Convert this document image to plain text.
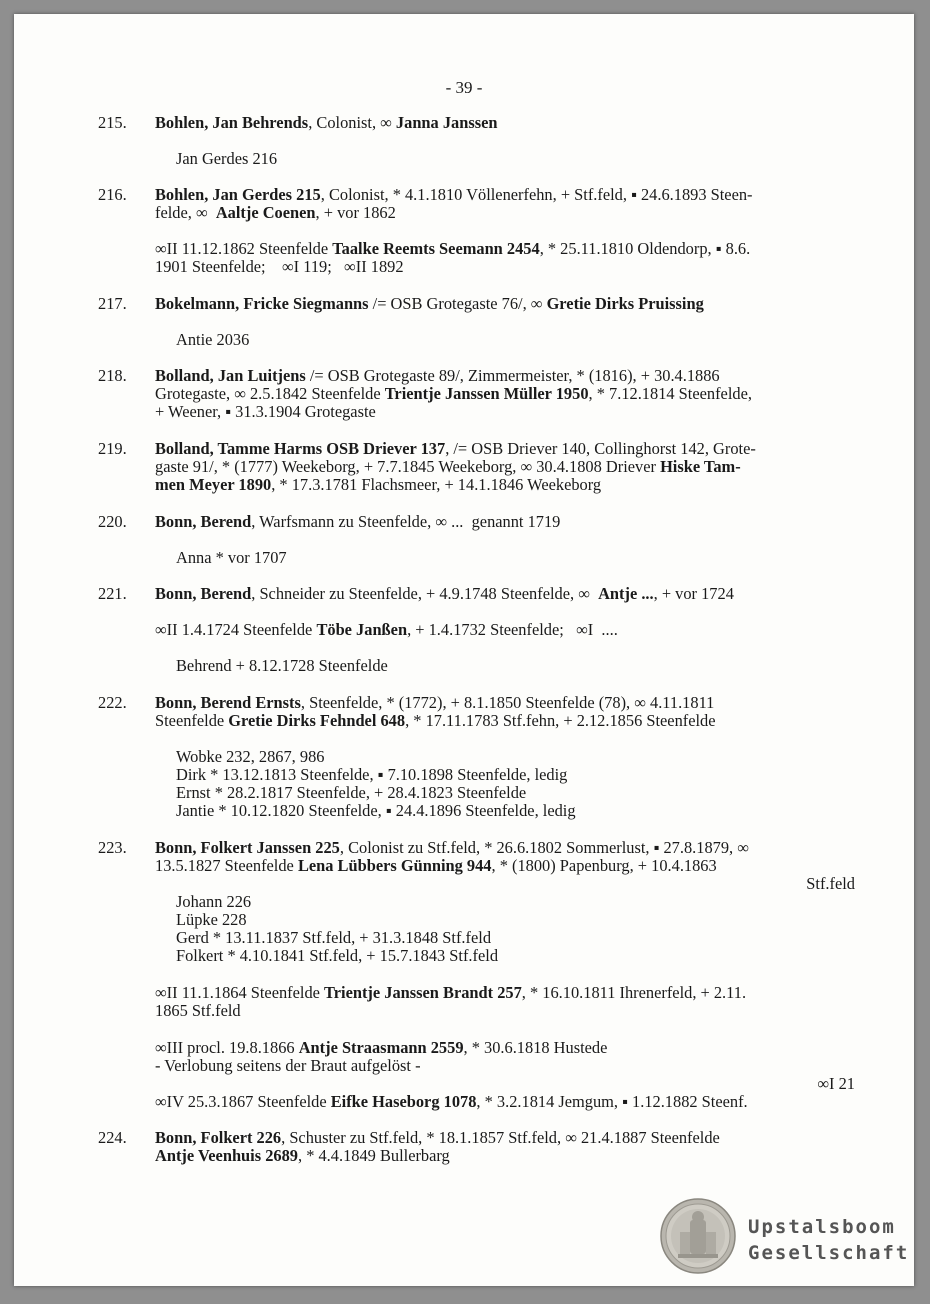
- 39 -
215. Bohlen, Jan Behrends, Colonist, ∞ Janna Janssen
Jan Gerdes 216
216. Bohlen, Jan Gerdes 215, Colonist, * 4.1.1810 Völlenerfehn, + Stf.feld, ▪ 24.6.1893 Steen-
felde, ∞  Aaltje Coenen, + vor 1862
∞II 11.12.1862 Steenfelde Taalke Reemts Seemann 2454, * 25.11.1810 Oldendorp, ▪ 8.6.
1901 Steenfelde;    ∞I 119;   ∞II 1892
217. Bokelmann, Fricke Siegmanns /= OSB Grotegaste 76/, ∞ Gretie Dirks Pruissing
Antie 2036
218. Bolland, Jan Luitjens /= OSB Grotegaste 89/, Zimmermeister, * (1816), + 30.4.1886
Grotegaste, ∞ 2.5.1842 Steenfelde Trientje Janssen Müller 1950, * 7.12.1814 Steenfelde,
+ Weener, ▪ 31.3.1904 Grotegaste
219. Bolland, Tamme Harms OSB Driever 137, /= OSB Driever 140, Collinghorst 142, Grote-
gaste 91/, * (1777) Weekeborg, + 7.7.1845 Weekeborg, ∞ 30.4.1808 Driever Hiske Tam-
men Meyer 1890, * 17.3.1781 Flachsmeer, + 14.1.1846 Weekeborg
220. Bonn, Berend, Warfsmann zu Steenfelde, ∞ ...  genannt 1719
Anna * vor 1707
221. Bonn, Berend, Schneider zu Steenfelde, + 4.9.1748 Steenfelde, ∞  Antje ..., + vor 1724
∞II 1.4.1724 Steenfelde Töbe Janßen, + 1.4.1732 Steenfelde;   ∞I  ....
Behrend + 8.12.1728 Steenfelde
222. Bonn, Berend Ernsts, Steenfelde, * (1772), + 8.1.1850 Steenfelde (78), ∞ 4.11.1811
Steenfelde Gretie Dirks Fehndel 648, * 17.11.1783 Stf.fehn, + 2.12.1856 Steenfelde
Wobke 232, 2867, 986
Dirk * 13.12.1813 Steenfelde, ▪ 7.10.1898 Steenfelde, ledig
Ernst * 28.2.1817 Steenfelde, + 28.4.1823 Steenfelde
Jantie * 10.12.1820 Steenfelde, ▪ 24.4.1896 Steenfelde, ledig
223. Bonn, Folkert Janssen 225, Colonist zu Stf.feld, * 26.6.1802 Sommerlust, ▪ 27.8.1879, ∞
13.5.1827 Steenfelde Lena Lübbers Günning 944, * (1800) Papenburg, + 10.4.1863
Stf.feld
Johann 226
Lüpke 228
Gerd * 13.11.1837 Stf.feld, + 31.3.1848 Stf.feld
Folkert * 4.10.1841 Stf.feld, + 15.7.1843 Stf.feld
∞II 11.1.1864 Steenfelde Trientje Janssen Brandt 257, * 16.10.1811 Ihrenerfeld, + 2.11.
1865 Stf.feld
∞III procl. 19.8.1866 Antje Straasmann 2559, * 30.6.1818 Hustede
- Verlobung seitens der Braut aufgelöst -
∞I 21
∞IV 25.3.1867 Steenfelde Eifke Haseborg 1078, * 3.2.1814 Jemgum, ▪ 1.12.1882 Steenf.
224. Bonn, Folkert 226, Schuster zu Stf.feld, * 18.1.1857 Stf.feld, ∞ 21.4.1887 Steenfelde
Antje Veenhuis 2689, * 4.4.1849 Bullerbarg
Upstalsboom
Gesellschaft
